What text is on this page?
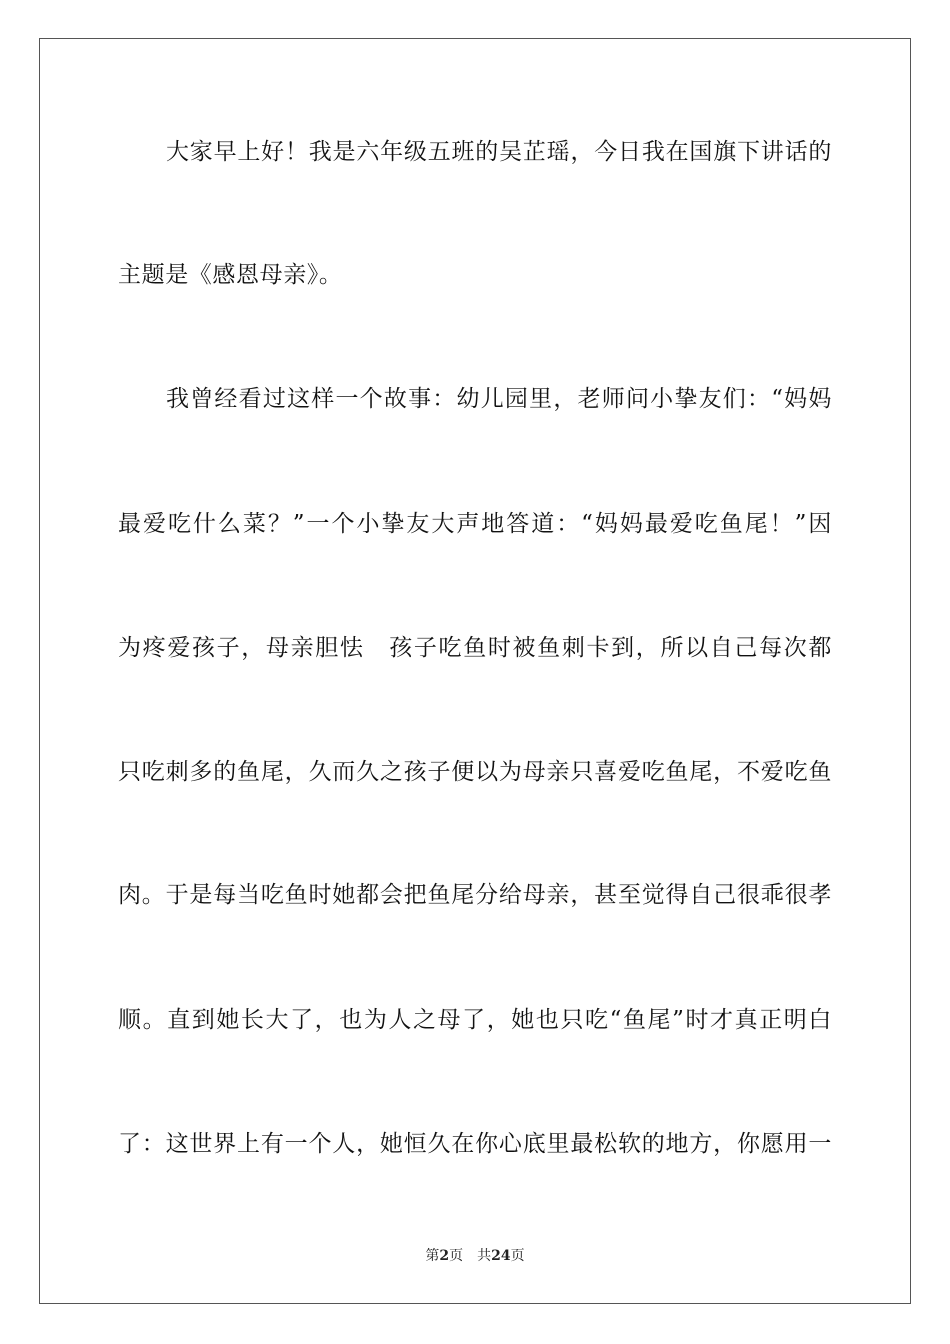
大家早上好！我是六年级五班的吴芷瑶，今日我在国旗下讲话的
主题是《感恩母亲》。
我曾经看过这样一个故事：幼儿园里，老师问小挚友们：“妈妈
最爱吃什么菜？”一个小挚友大声地答道：“妈妈最爱吃鱼尾！”因
为疼爱孩子，母亲胆怯　孩子吃鱼时被鱼刺卡到，所以自己每次都
只吃刺多的鱼尾，久而久之孩子便以为母亲只喜爱吃鱼尾，不爱吃鱼
肉。于是每当吃鱼时她都会把鱼尾分给母亲，甚至觉得自己很乖很孝
顺。直到她长大了，也为人之母了，她也只吃“鱼尾”时才真正明白
了：这世界上有一个人，她恒久在你心底里最松软的地方，你愿用一
第2页 共24页
